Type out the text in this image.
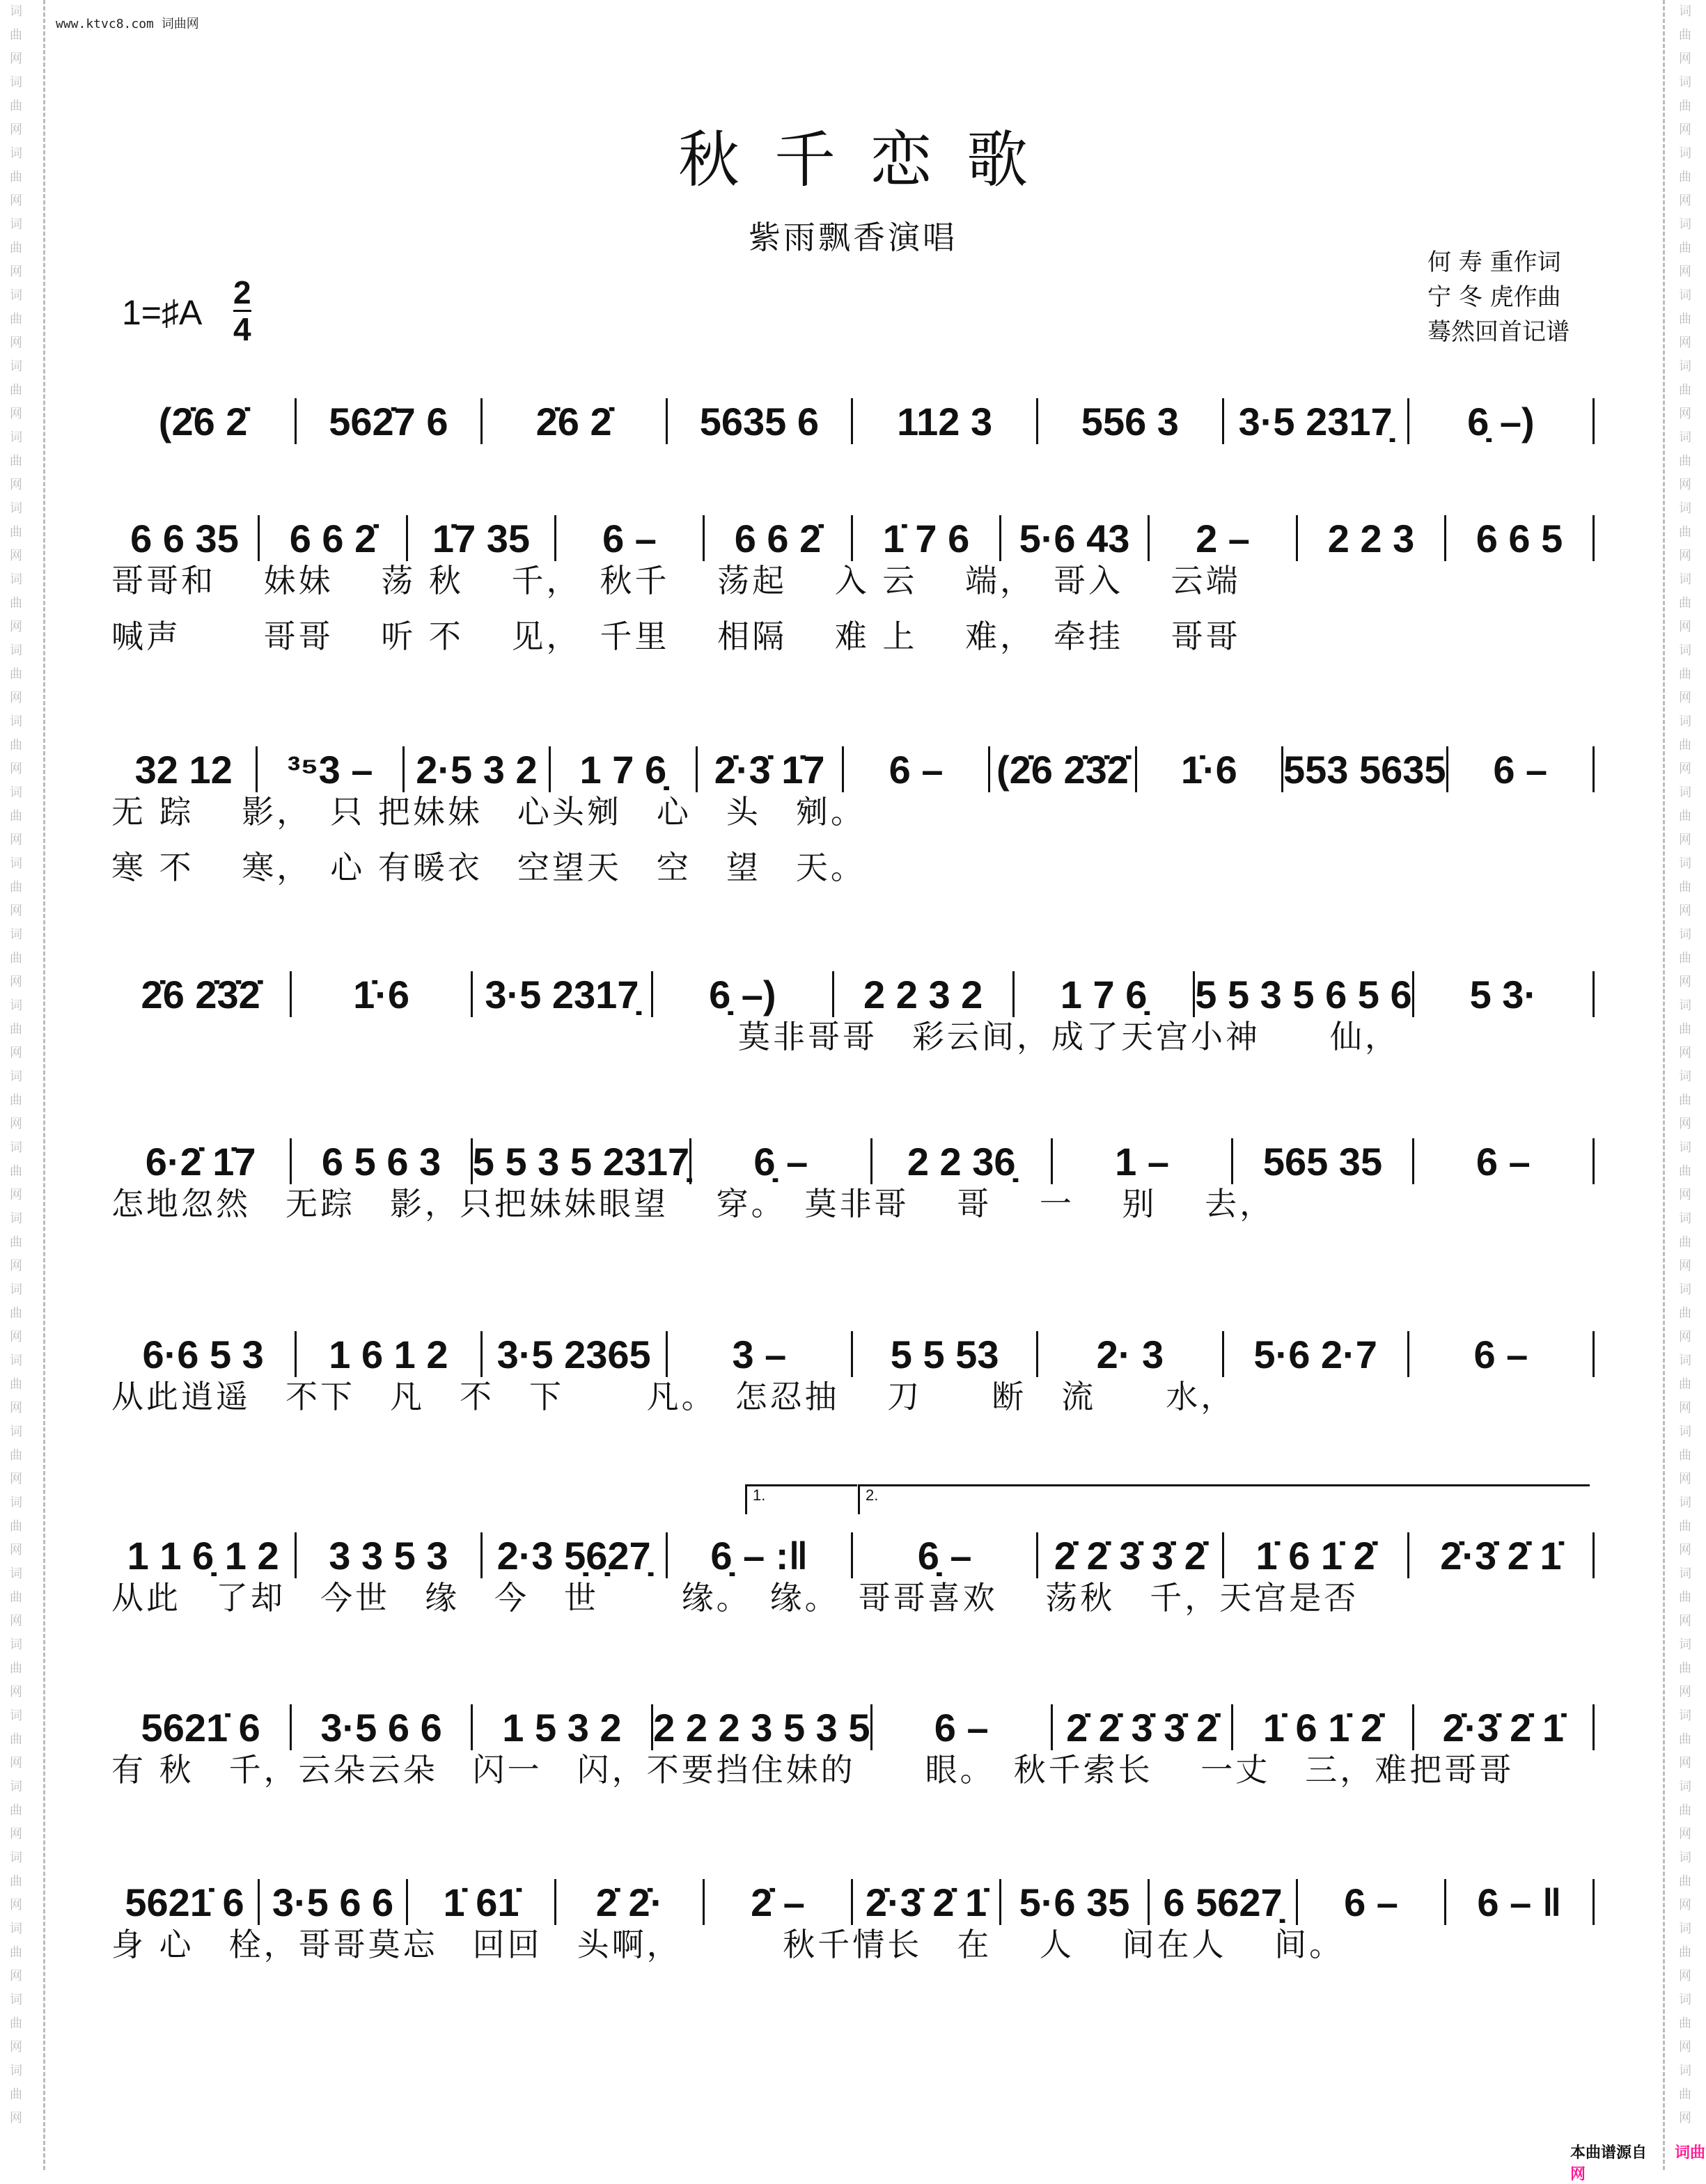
词曲网词曲网词曲网词曲网词曲网词曲网词曲网词曲网词曲网词曲网词曲网词曲网词曲网词曲网词曲网词曲网词曲网词曲网词曲网词曲网词曲网词曲网词曲网词曲网词曲网词曲网词曲网词曲网词曲网词曲网
词曲网词曲网词曲网词曲网词曲网词曲网词曲网词曲网词曲网词曲网词曲网词曲网词曲网词曲网词曲网词曲网词曲网词曲网词曲网词曲网词曲网词曲网词曲网词曲网词曲网词曲网词曲网词曲网词曲网词曲网
www.ktvc8.com 词曲网
秋千恋歌
紫雨飘香演唱
何 寿 重作词
宁 冬 虎作曲
蓦然回首记谱
1=♯A $\frac{2}{4}$
1.	2.
(2̇6 2̇	562̇7 6	2̇6 2̇	5635 6	112 3	556 3	3·5 2317̣	6̣ –)
6 6 35	6 6 2̇	1̇7 35	6 –	6 6 2̇	1̇ 7 6	5·6 43	2 –	2 2 3	6 6 5
哥哥和　 妹妹　 荡 秋　 千，　秋千　 荡起　 入 云　 端，　哥入　 云端
喊声　　 哥哥　 听 不　 见，　千里　 相隔　 难 上　 难，　牵挂　 哥哥
32 12	³⁵3 –	2·5 3 2	1 7 6̣	2̇·3̇ 1̇7	6 –	(2̇6 2̇3̇2̇	1̇·6	553 5635	6 –
无 踪　 影，　只 把妹妹　心头剜　心　头　剜。
寒 不　 寒，　心 有暖衣　空望天　空　望　天。
2̇6 2̇3̇2̇	1̇·6	3·5 2317̣	6̣ –)	2 2 3 2	1 7 6̣	5 5 3 5 6 5 6	5 3·
　　　　　　　　　　　　　　　　　　莫非哥哥　彩云间，成了天宫小神　　仙，
6·2̇ 1̇7	6 5 6 3 5 5 3 5 2317̣	6̣ –	2 2 36̣	1 –	565 35	6 –
怎地忽然　无踪　影，只把妹妹眼望　 穿。　莫非哥　 哥　 一　 别　 去，
6·6 5 3	1 6 1 2	3·5 2365	3 –	5 5 53	2· 3	5·6 2·7	6 –
从此逍遥　不下　凡　不　下　　 凡。　怎忍抽　 刀　　断　流　　水，
1 1 6̣ 1 2	3 3 5 3	2·3 5̣6̣27̣	6̣ – :‖	6̣ –	2̇ 2̇ 3̇ 3̇ 2̇	1̇ 6 1̇ 2̇	2̇·3̇ 2̇ 1̇
从此　了却　今世　缘　今　世　　 缘。　缘。　哥哥喜欢　 荡秋　千，天宫是否
5621̇ 6	3·5 6 6	1 5 3 2 2 2 2 3 5 3 5	6 –	2̇ 2̇ 3̇ 3̇ 2̇	1̇ 6 1̇ 2̇	2̇·3̇ 2̇ 1̇
有 秋　千，云朵云朵　闪一　闪，不要挡住妹的　　眼。　秋千索长　 一丈　三，难把哥哥
5621̇ 6 3·5 6 6	1̇ 61̇	2̇ 2̇·	2̇ –	2̇·3̇ 2̇ 1̇ 5·6 35 6 5627̣	6 –	6 – ‖
身 心　栓，哥哥莫忘　回回　头啊，　　　 秋千情长　在　 人　 间在人　 间。
本曲谱源自 词曲网
